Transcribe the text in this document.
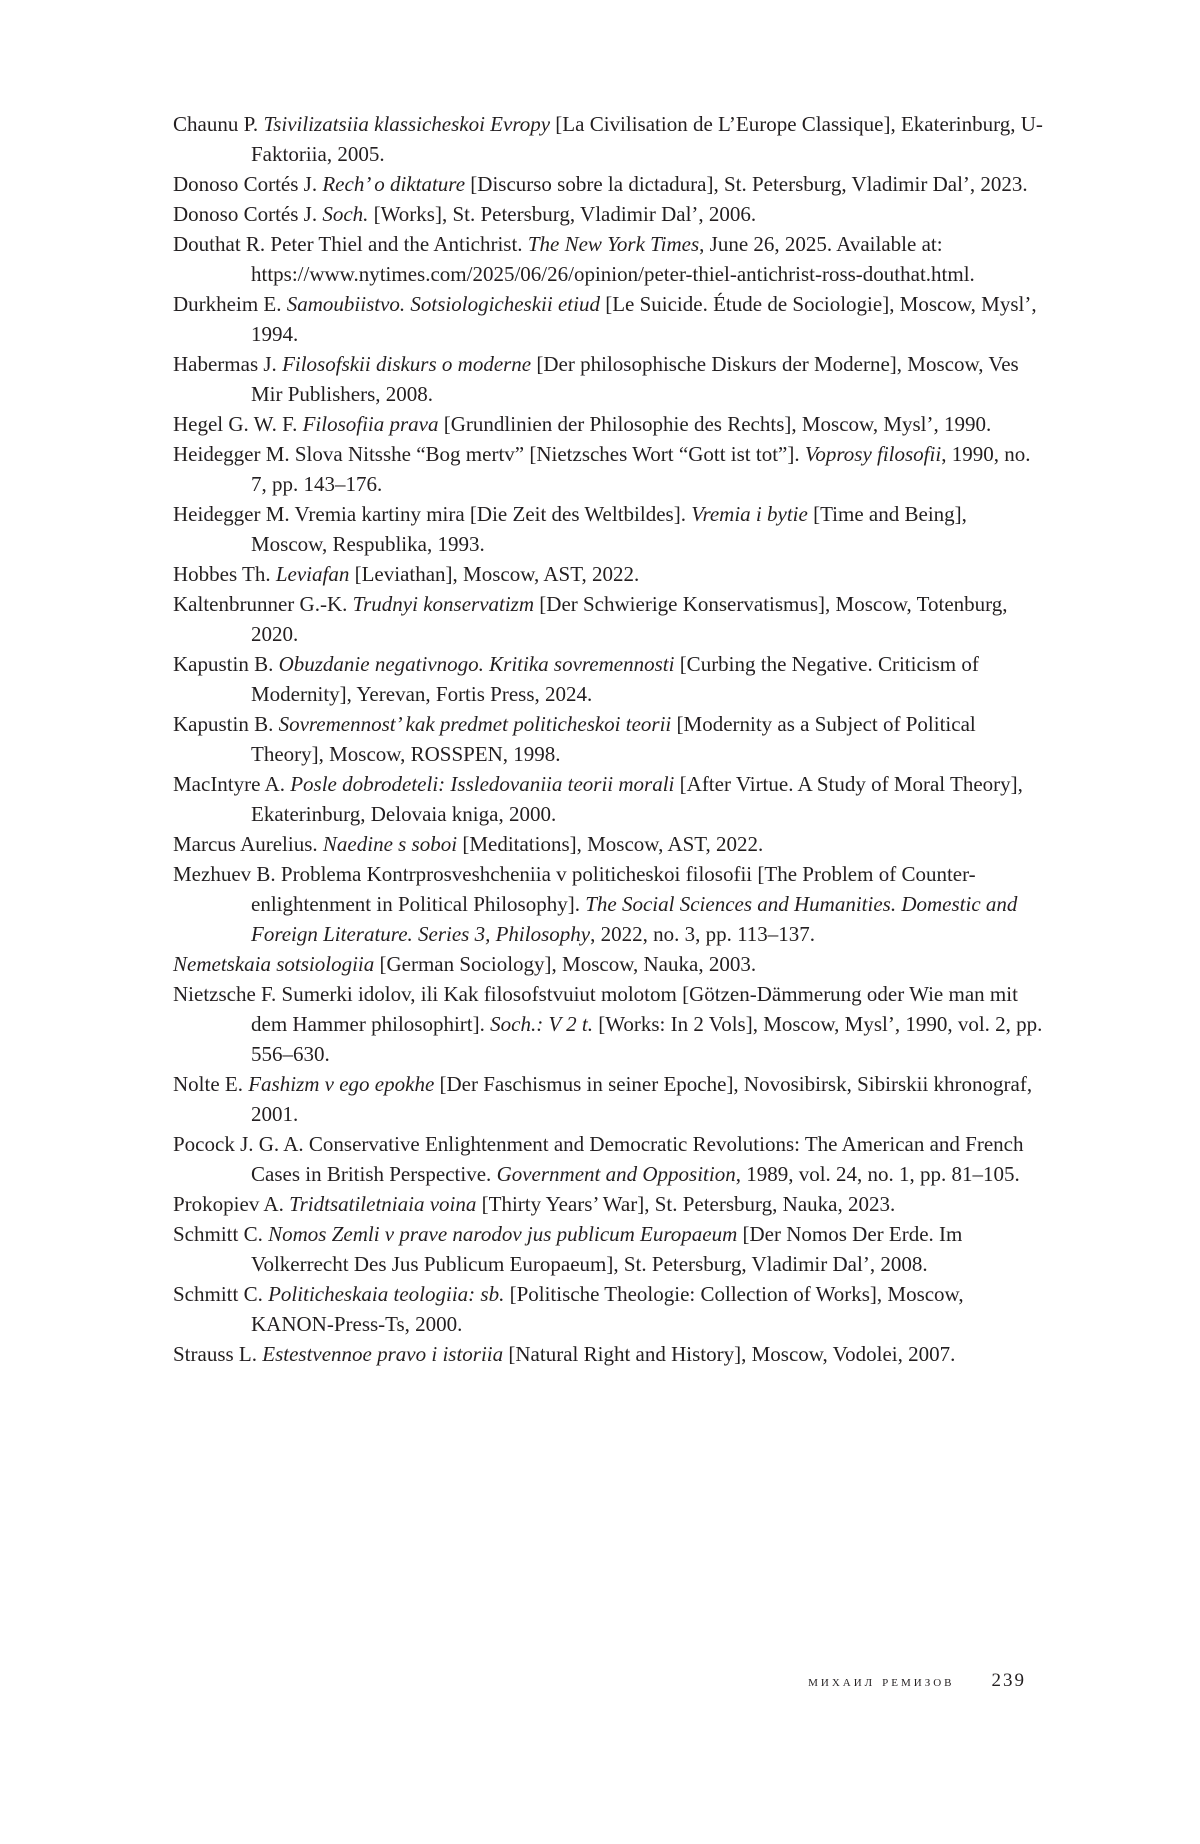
Chaunu P. Tsivilizatsiia klassicheskoi Evropy [La Civilisation de L’Europe Classique], Ekaterinburg, U-Faktoriia, 2005.

Donoso Cortés J. Rech’ o diktature [Discurso sobre la dictadura], St. Petersburg, Vladimir Dal’, 2023.

Donoso Cortés J. Soch. [Works], St. Petersburg, Vladimir Dal’, 2006.

Douthat R. Peter Thiel and the Antichrist. The New York Times, June 26, 2025. Available at: https://www.nytimes.com/2025/06/26/opinion/peter-thiel-antichrist-ross-douthat.html.

Durkheim E. Samoubiistvo. Sotsiologicheskii etiud [Le Suicide. Étude de Sociologie], Moscow, Mysl’, 1994.

Habermas J. Filosofskii diskurs o moderne [Der philosophische Diskurs der Moderne], Moscow, Ves Mir Publishers, 2008.

Hegel G. W. F. Filosofiia prava [Grundlinien der Philosophie des Rechts], Moscow, Mysl’, 1990.

Heidegger M. Slova Nitsshe “Bog mertv” [Nietzsches Wort “Gott ist tot”]. Voprosy filosofii, 1990, no. 7, pp. 143–176.

Heidegger M. Vremia kartiny mira [Die Zeit des Weltbildes]. Vremia i bytie [Time and Being], Moscow, Respublika, 1993.

Hobbes Th. Leviafan [Leviathan], Moscow, AST, 2022.

Kaltenbrunner G.-K. Trudnyi konservatizm [Der Schwierige Konservatismus], Moscow, Totenburg, 2020.

Kapustin B. Obuzdanie negativnogo. Kritika sovremennosti [Curbing the Negative. Criticism of Modernity], Yerevan, Fortis Press, 2024.

Kapustin B. Sovremennost’ kak predmet politicheskoi teorii [Modernity as a Subject of Political Theory], Moscow, ROSSPEN, 1998.

MacIntyre A. Posle dobrodeteli: Issledovaniia teorii morali [After Virtue. A Study of Moral Theory], Ekaterinburg, Delovaia kniga, 2000.

Marcus Aurelius. Naedine s soboi [Meditations], Moscow, AST, 2022.

Mezhuev B. Problema Kontrprosveshcheniia v politicheskoi filosofii [The Problem of Counter-enlightenment in Political Philosophy]. The Social Sciences and Humanities. Domestic and Foreign Literature. Series 3, Philosophy, 2022, no. 3, pp. 113–137.

Nemetskaia sotsiologiia [German Sociology], Moscow, Nauka, 2003.

Nietzsche F. Sumerki idolov, ili Kak filosofstvuiut molotom [Götzen-Dämmerung oder Wie man mit dem Hammer philosophirt]. Soch.: V 2 t. [Works: In 2 Vols], Moscow, Mysl’, 1990, vol. 2, pp. 556–630.

Nolte E. Fashizm v ego epokhe [Der Faschismus in seiner Epoche], Novosibirsk, Sibirskii khronograf, 2001.

Pocock J. G. A. Conservative Enlightenment and Democratic Revolutions: The American and French Cases in British Perspective. Government and Opposition, 1989, vol. 24, no. 1, pp. 81–105.

Prokopiev A. Tridtsatiletniaia voina [Thirty Years’ War], St. Petersburg, Nauka, 2023.

Schmitt C. Nomos Zemli v prave narodov jus publicum Europaeum [Der Nomos Der Erde. Im Volkerrecht Des Jus Publicum Europaeum], St. Petersburg, Vladimir Dal’, 2008.

Schmitt C. Politicheskaia teologiia: sb. [Politische Theologie: Collection of Works], Moscow, KANON-Press-Ts, 2000.

Strauss L. Estestvennoe pravo i istoriia [Natural Right and History], Moscow, Vodolei, 2007.

михаил ремизов 239
